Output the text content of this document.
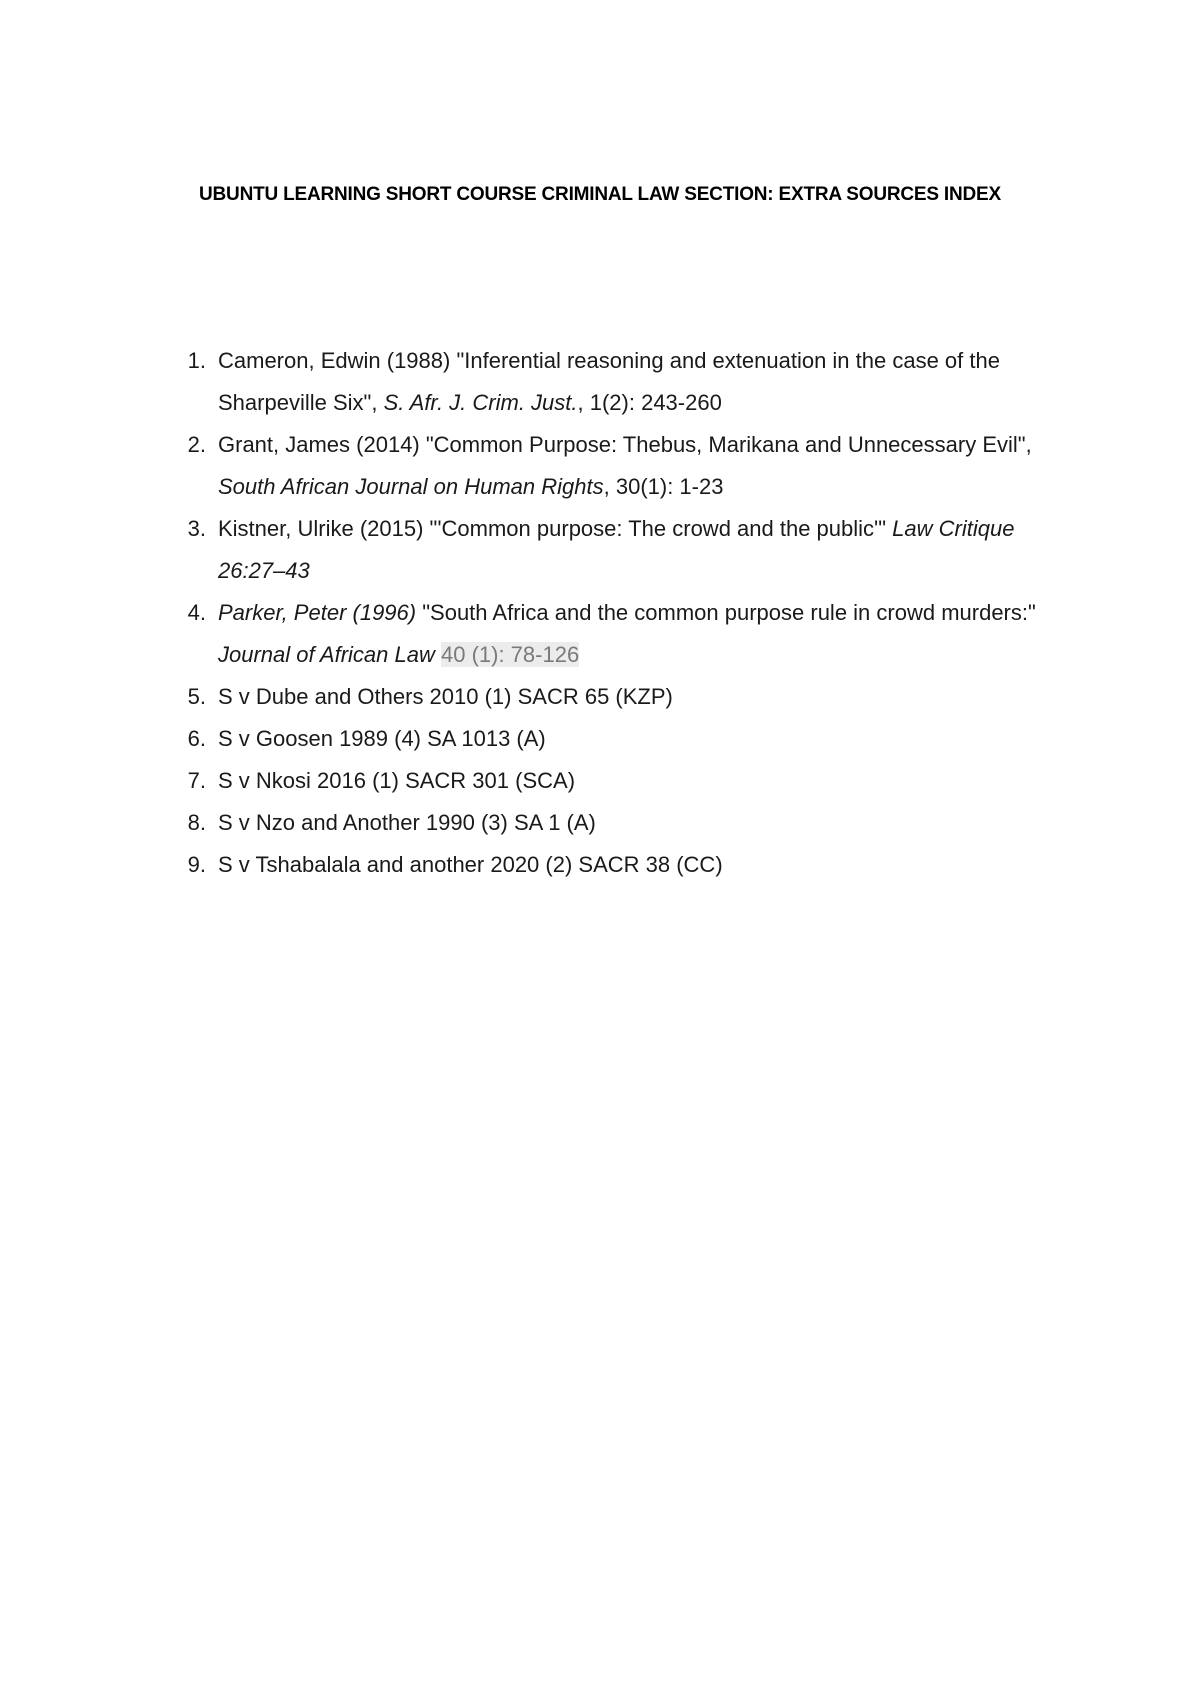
UBUNTU LEARNING SHORT COURSE CRIMINAL LAW SECTION: EXTRA SOURCES INDEX
1. Cameron, Edwin (1988) "Inferential reasoning and extenuation in the case of the Sharpeville Six", S. Afr. J. Crim. Just., 1(2): 243-260
2. Grant, James (2014) "Common Purpose: Thebus, Marikana and Unnecessary Evil", South African Journal on Human Rights, 30(1): 1-23
3. Kistner, Ulrike (2015) "'Common purpose: The crowd and the public'" Law Critique 26:27–43
4. Parker, Peter (1996) "South Africa and the common purpose rule in crowd murders:" Journal of African Law 40 (1): 78-126
5. S v Dube and Others 2010 (1) SACR 65 (KZP)
6. S v Goosen 1989 (4) SA 1013 (A)
7. S v Nkosi 2016 (1) SACR 301 (SCA)
8. S v Nzo and Another 1990 (3) SA 1 (A)
9. S v Tshabalala and another 2020 (2) SACR 38 (CC)
